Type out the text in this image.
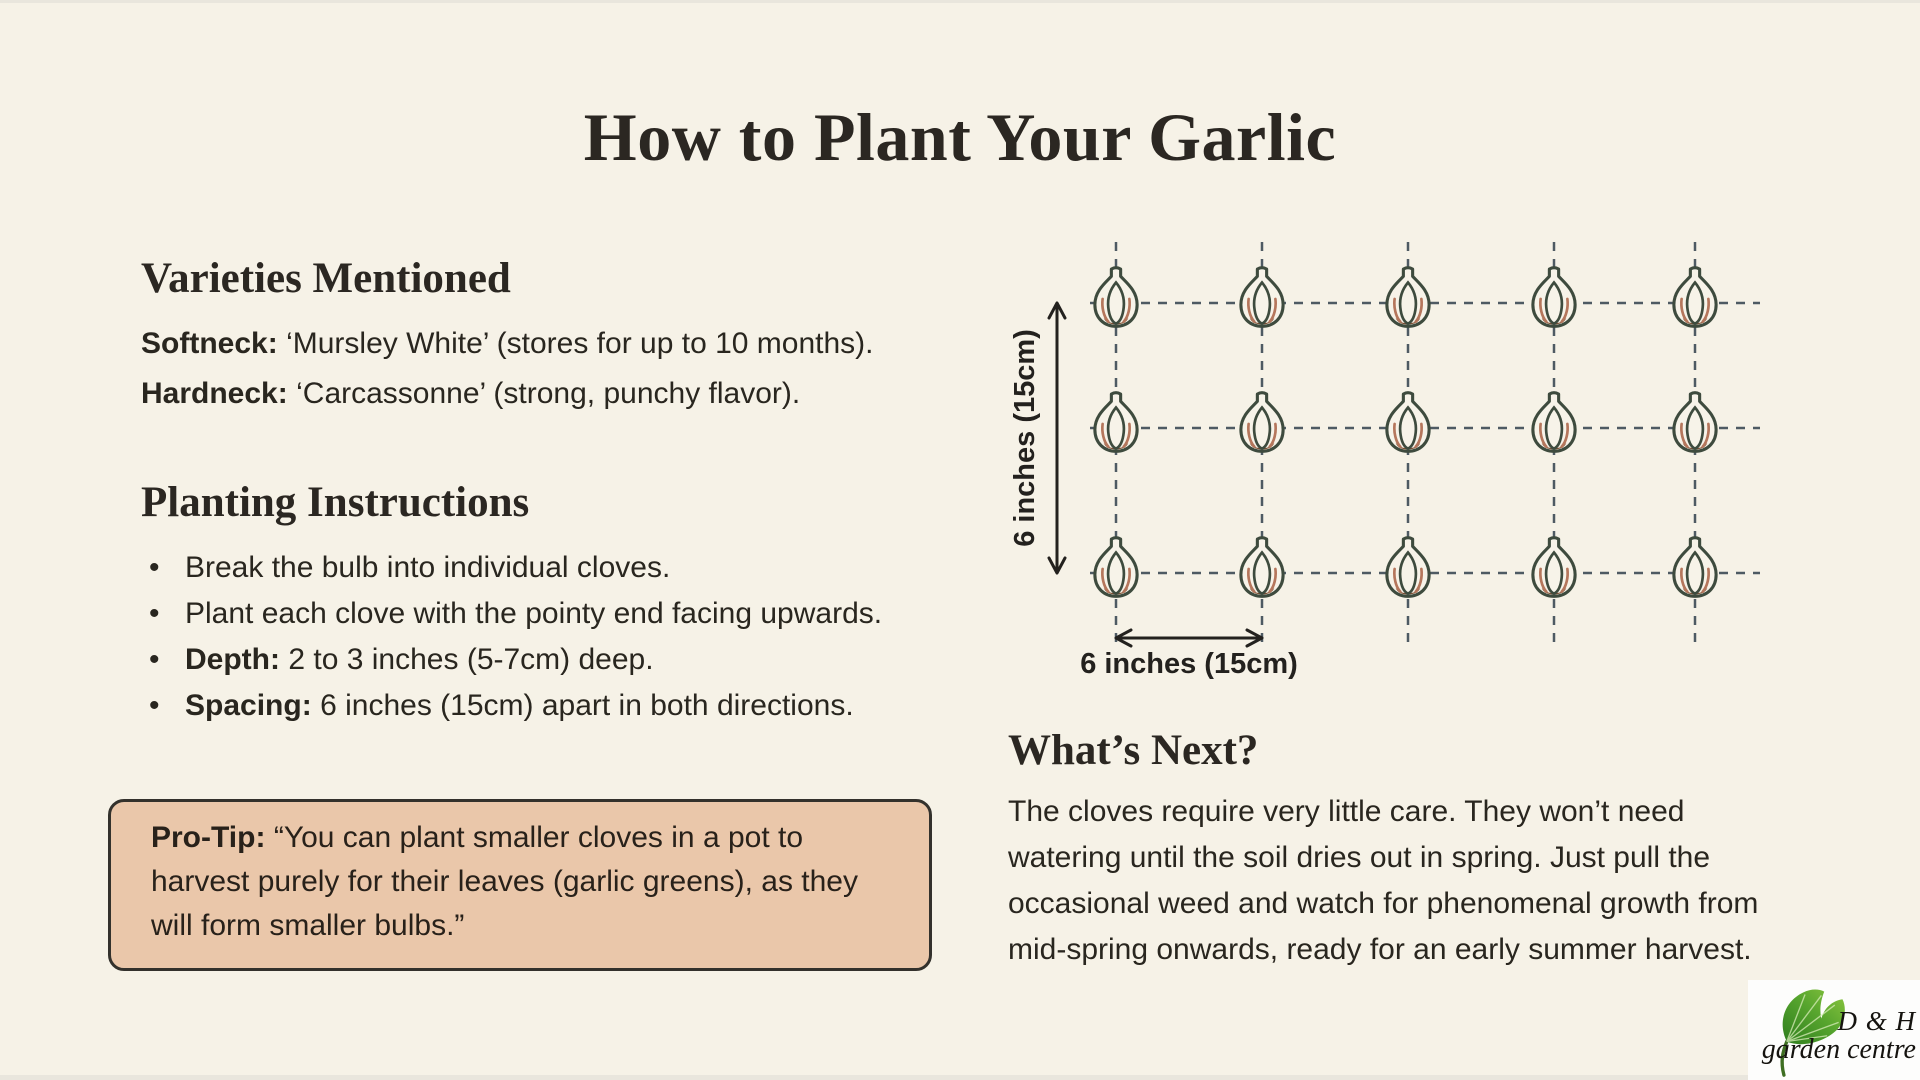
How to Plant Your Garlic
Varieties Mentioned
Softneck: ‘Mursley White’ (stores for up to 10 months).
Hardneck: ‘Carcassonne’ (strong, punchy flavor).
Planting Instructions
• Break the bulb into individual cloves.
• Plant each clove with the pointy end facing upwards.
• Depth: 2 to 3 inches (5-7cm) deep.
• Spacing: 6 inches (15cm) apart in both directions.
Pro-Tip: “You can plant smaller cloves in a pot to
harvest purely for their leaves (garlic greens), as they
will form smaller bulbs.”
6 inches (15cm)
6 inches (15cm)
What’s Next?
The cloves require very little care. They won’t need
watering until the soil dries out in spring. Just pull the
occasional weed and watch for phenomenal growth from
mid-spring onwards, ready for an early summer harvest.
D & H
garden centre
